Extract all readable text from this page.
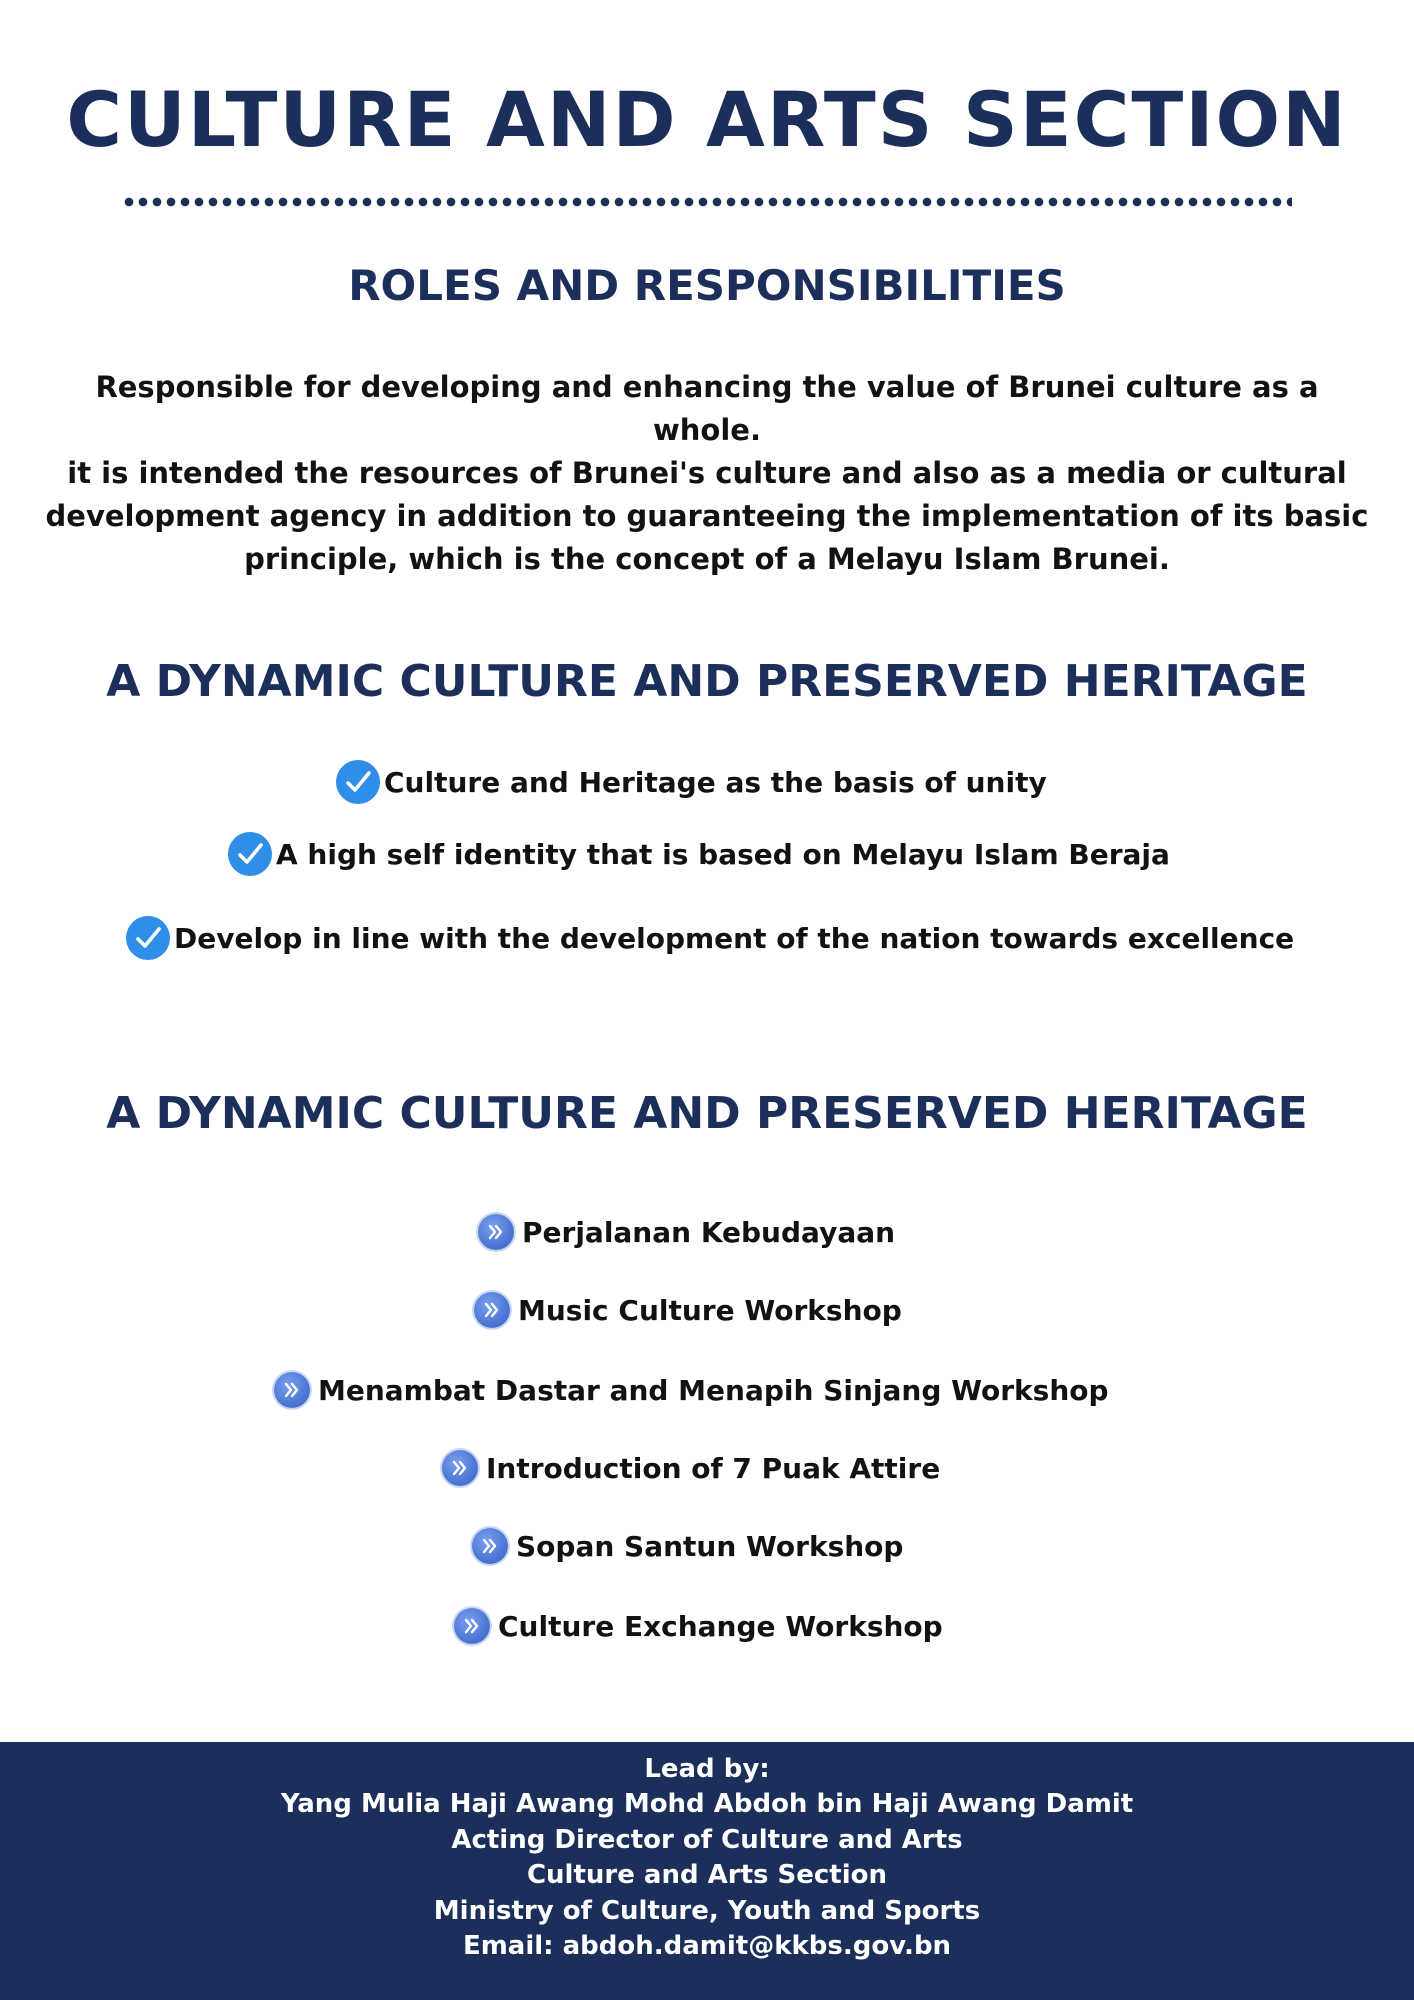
CULTURE AND ARTS SECTION
ROLES AND RESPONSIBILITIES
Responsible for developing and enhancing the value of Brunei culture as a whole.
it is intended the resources of Brunei's culture and also as a media or cultural
development agency in addition to guaranteeing the implementation of its basic
principle, which is the concept of a Melayu Islam Brunei.
A DYNAMIC CULTURE AND PRESERVED HERITAGE
Culture and Heritage as the basis of unity
A high self identity that is based on Melayu Islam Beraja
Develop in line with the development of the nation towards excellence
A DYNAMIC CULTURE AND PRESERVED HERITAGE
Perjalanan Kebudayaan
Music Culture Workshop
Menambat Dastar and Menapih Sinjang Workshop
Introduction of 7 Puak Attire
Sopan Santun Workshop
Culture Exchange Workshop
Lead by:
Yang Mulia Haji Awang Mohd Abdoh bin Haji Awang Damit
Acting Director of Culture and Arts
Culture and Arts Section
Ministry of Culture, Youth and Sports
Email: abdoh.damit@kkbs.gov.bn
